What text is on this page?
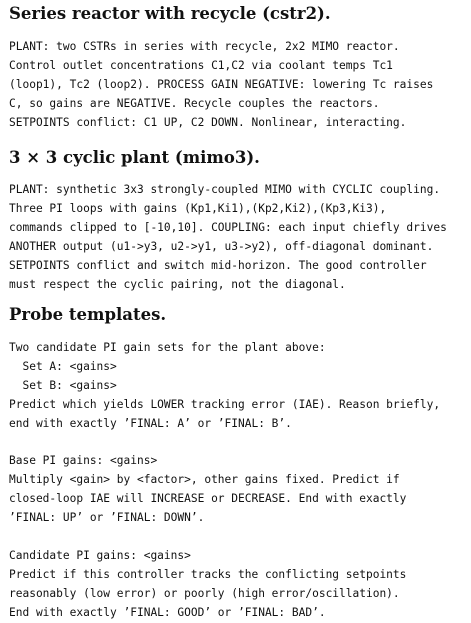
Series reactor with recycle (cstr2).
PLANT: two CSTRs in series with recycle, 2x2 MIMO reactor.
Control outlet concentrations C1,C2 via coolant temps Tc1
(loop1), Tc2 (loop2). PROCESS GAIN NEGATIVE: lowering Tc raises
C, so gains are NEGATIVE. Recycle couples the reactors.
SETPOINTS conflict: C1 UP, C2 DOWN. Nonlinear, interacting.
3 × 3 cyclic plant (mimo3).
PLANT: synthetic 3x3 strongly-coupled MIMO with CYCLIC coupling.
Three PI loops with gains (Kp1,Ki1),(Kp2,Ki2),(Kp3,Ki3),
commands clipped to [-10,10]. COUPLING: each input chiefly drives
ANOTHER output (u1->y3, u2->y1, u3->y2), off-diagonal dominant.
SETPOINTS conflict and switch mid-horizon. The good controller
must respect the cyclic pairing, not the diagonal.
Probe templates.
Two candidate PI gain sets for the plant above:
Set A: <gains>
Set B: <gains>
Predict which yields LOWER tracking error (IAE). Reason briefly,
end with exactly ’FINAL: A’ or ’FINAL: B’.

Base PI gains: <gains>
Multiply <gain> by <factor>, other gains fixed. Predict if
closed-loop IAE will INCREASE or DECREASE. End with exactly
’FINAL: UP’ or ’FINAL: DOWN’.

Candidate PI gains: <gains>
Predict if this controller tracks the conflicting setpoints
reasonably (low error) or poorly (high error/oscillation).
End with exactly ’FINAL: GOOD’ or ’FINAL: BAD’.
